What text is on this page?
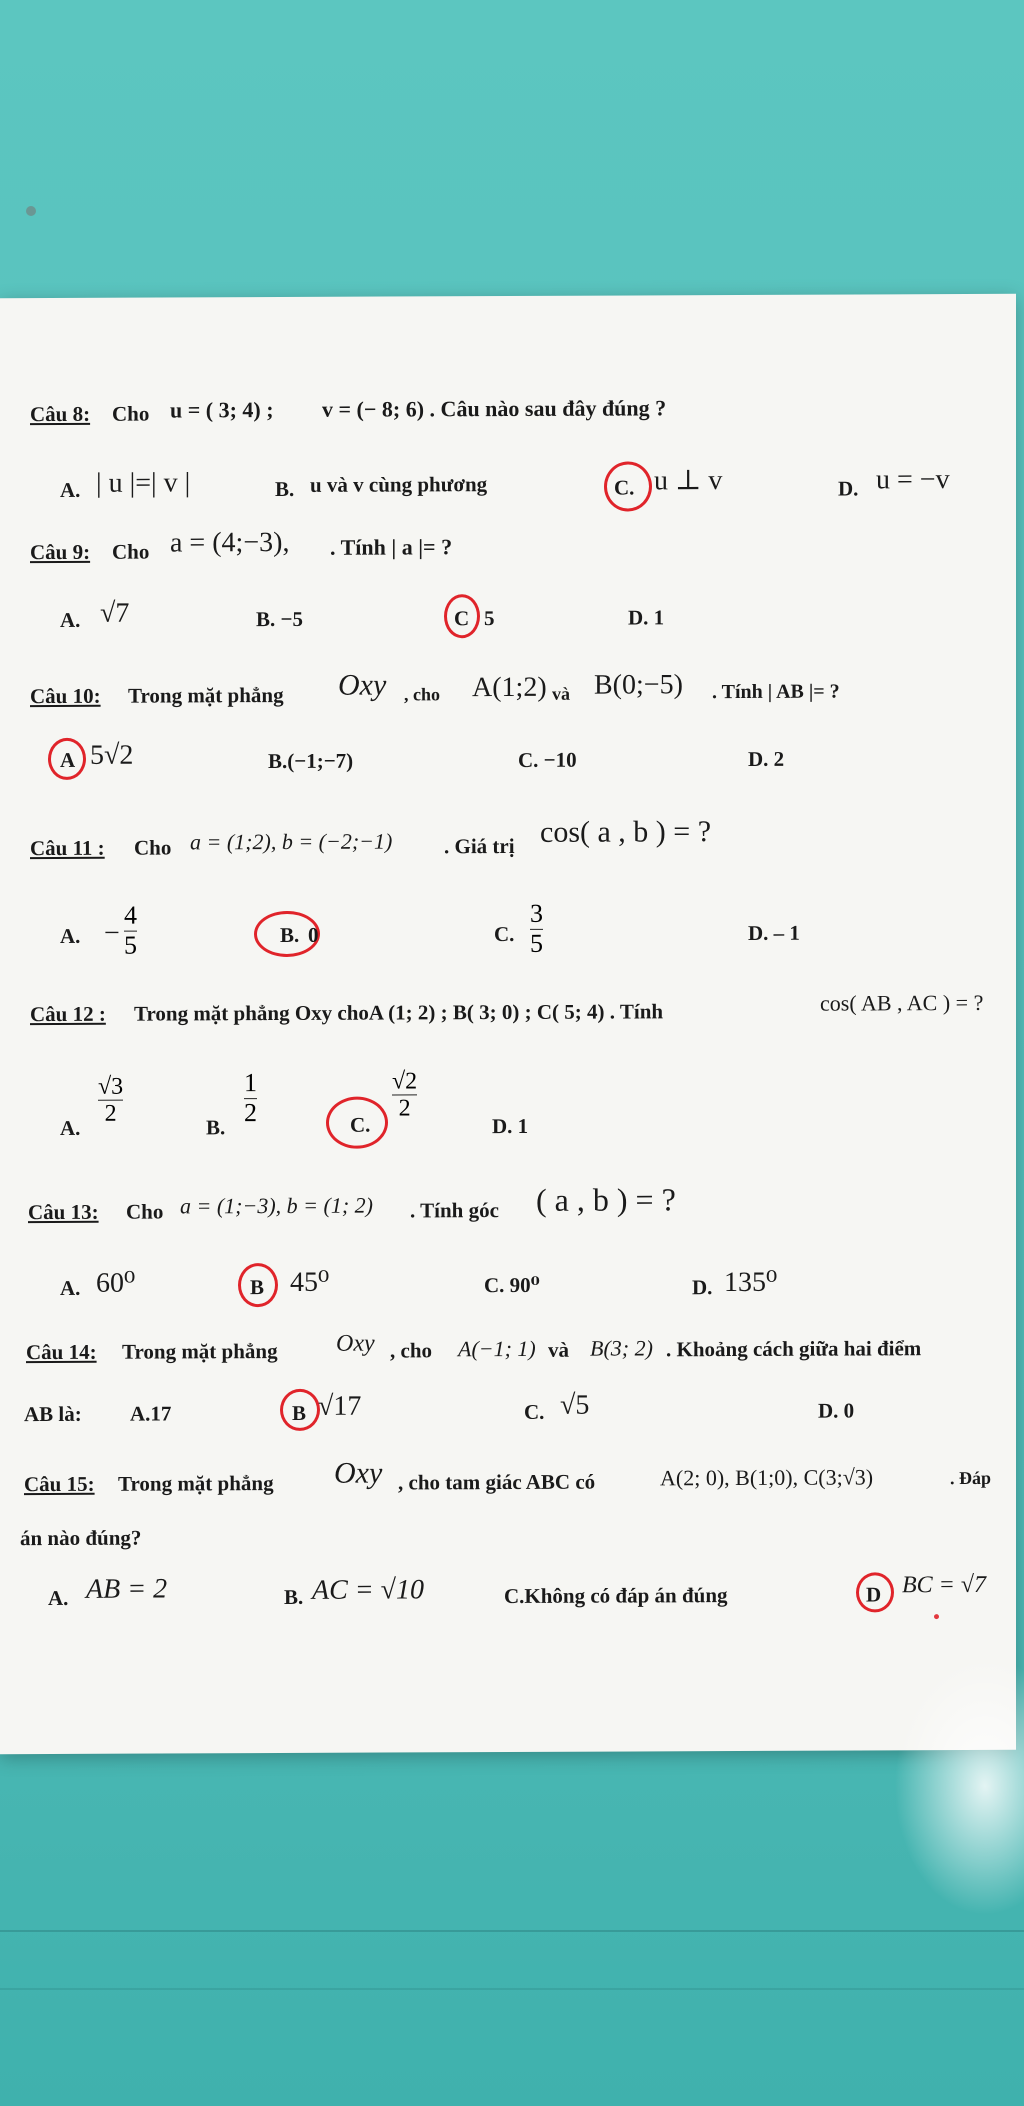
Câu 8: Cho u = ( 3; 4) ; v = (− 8; 6) . Câu nào sau đây đúng ?
A. | u |=| v |	B. u và v cùng phương	C. u ⊥ v	D. u = −v
Câu 9: Cho a = (4;−3), . Tính | a |= ?
A. √7	B. −5	C 5	D. 1
Câu 10: Trong mặt phẳng Oxy , cho A(1;2) và B(0;−5) . Tính | AB |= ?
A 5√2	B.(−1;−7)	C. −10	D. 2
Câu 11 : Cho a = (1;2), b = (−2;−1) . Giá trị cos( a , b ) = ?
A. −
4
5	B. 0	C.
3
5	D. – 1
Câu 12 : Trong mặt phẳng Oxy choA (1; 2) ; B( 3; 0) ; C( 5; 4) . Tính	cos( AB , AC ) = ?
A.
√3
2
B.
1
2	C.
√2
2
D. 1
Câu 13: Cho a = (1;−3), b = (1; 2) . Tính góc ( a , b ) = ?
A. 60⁰	B 45⁰	C. 90⁰	D. 135⁰
Câu 14: Trong mặt phẳng Oxy , cho A(−1; 1) và B(3; 2) . Khoảng cách giữa hai điểm
AB là: A.17	B √17	C. √5	D. 0
Câu 15: Trong mặt phẳng Oxy , cho tam giác ABC có	A(2; 0), B(1;0), C(3;√3)	. Đáp
án nào đúng?
A. AB = 2	B. AC = √10	C.Không có đáp án đúng	D BC = √7
